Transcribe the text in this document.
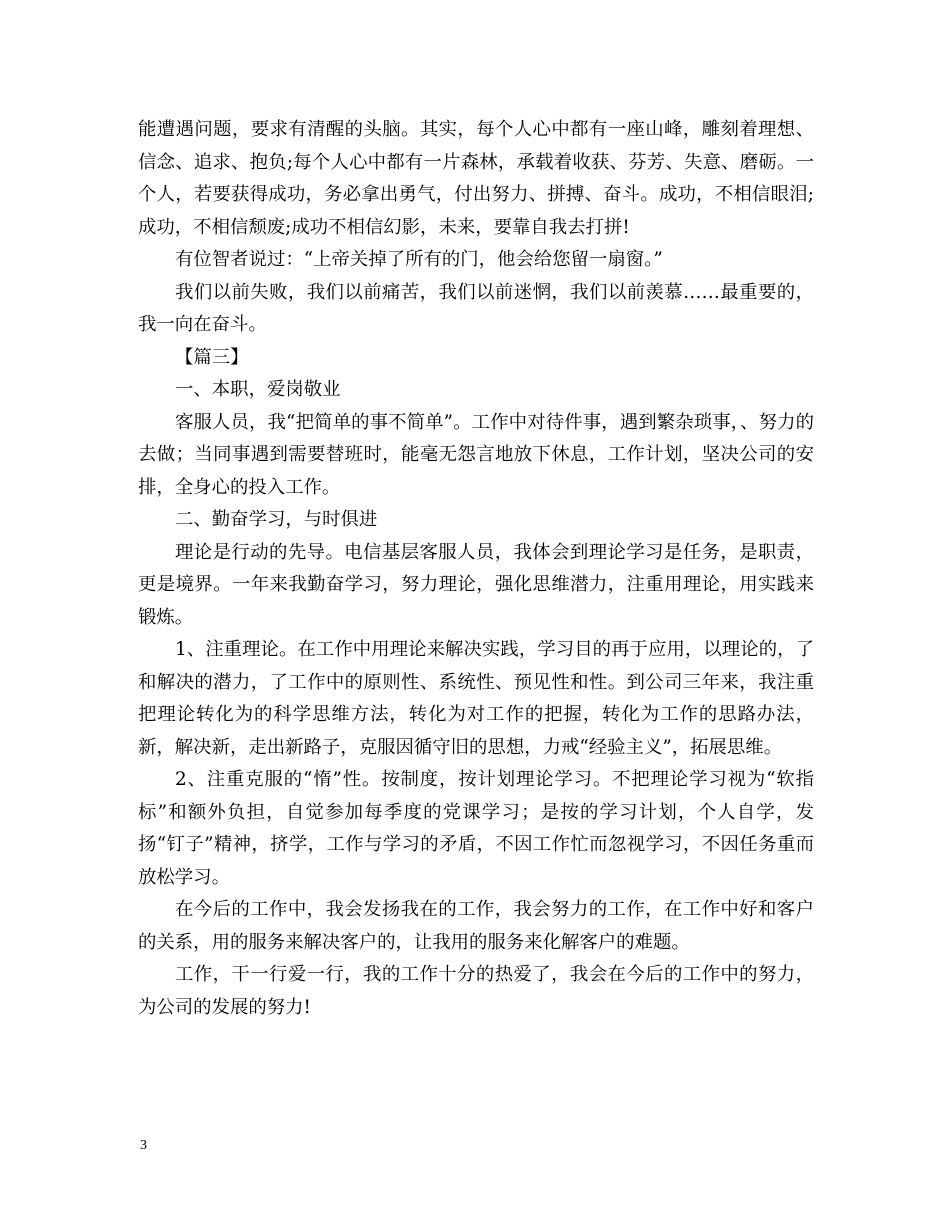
能遭遇问题，要求有清醒的头脑。其实，每个人心中都有一座山峰，雕刻着理想、信念、追求、抱负;每个人心中都有一片森林，承载着收获、芬芳、失意、磨砺。一个人，若要获得成功，务必拿出勇气，付出努力、拼搏、奋斗。成功，不相信眼泪;成功，不相信颓废;成功不相信幻影，未来，要靠自我去打拼!

有位智者说过：“上帝关掉了所有的门，他会给您留一扇窗。”

我们以前失败，我们以前痛苦，我们以前迷惘，我们以前羡慕……最重要的，我一向在奋斗。

【篇三】

一、本职，爱岗敬业

客服人员，我“把简单的事不简单”。工作中对待件事，遇到繁杂琐事，、努力的去做；当同事遇到需要替班时，能毫无怨言地放下休息，工作计划，坚决公司的安排，全身心的投入工作。

二、勤奋学习，与时俱进

理论是行动的先导。电信基层客服人员，我体会到理论学习是任务，是职责，更是境界。一年来我勤奋学习，努力理论，强化思维潜力，注重用理论，用实践来锻炼。

1、注重理论。在工作中用理论来解决实践，学习目的再于应用，以理论的，了和解决的潜力，了工作中的原则性、系统性、预见性和性。到公司三年来，我注重把理论转化为的科学思维方法，转化为对工作的把握，转化为工作的思路办法，新，解决新，走出新路子，克服因循守旧的思想，力戒“经验主义”，拓展思维。

2、注重克服的“惰”性。按制度，按计划理论学习。不把理论学习视为“软指标”和额外负担，自觉参加每季度的党课学习；是按的学习计划，个人自学，发扬“钉子”精神，挤学，工作与学习的矛盾，不因工作忙而忽视学习，不因任务重而放松学习。

在今后的工作中，我会发扬我在的工作，我会努力的工作，在工作中好和客户的关系，用的服务来解决客户的，让我用的服务来化解客户的难题。

工作，干一行爱一行，我的工作十分的热爱了，我会在今后的工作中的努力，为公司的发展的努力!

3
